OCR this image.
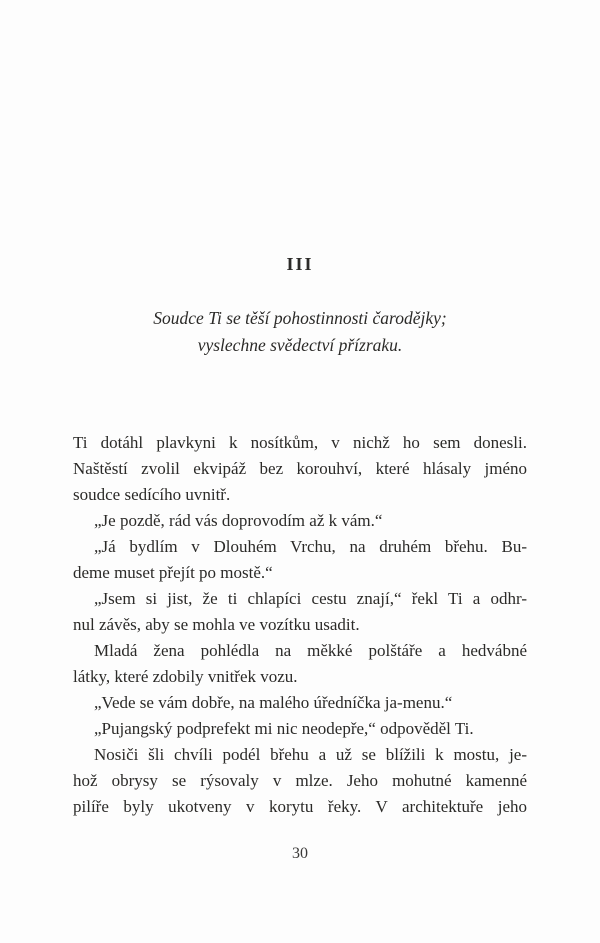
III
Soudce Ti se těší pohostinnosti čarodějky;
vyslechne svědectví přízraku.
Ti dotáhl plavkyni k nosítkům, v nichž ho sem donesli.
Naštěstí zvolil ekvipáž bez korouhví, které hlásaly jméno
soudce sedícího uvnitř.
„Je pozdě, rád vás doprovodím až k vám.“
„Já bydlím v Dlouhém Vrchu, na druhém břehu. Bu-
deme muset přejít po mostě.“
„Jsem si jist, že ti chlapíci cestu znají,“ řekl Ti a odhr-
nul závěs, aby se mohla ve vozítku usadit.
Mladá žena pohlédla na měkké polštáře a hedvábné
látky, které zdobily vnitřek vozu.
„Vede se vám dobře, na malého úředníčka ja-menu.“
„Pujangský podprefekt mi nic neodepře,“ odpověděl Ti.
Nosiči šli chvíli podél břehu a už se blížili k mostu, je-
hož obrysy se rýsovaly v mlze. Jeho mohutné kamenné
pilíře byly ukotveny v korytu řeky. V architektuře jeho
30
